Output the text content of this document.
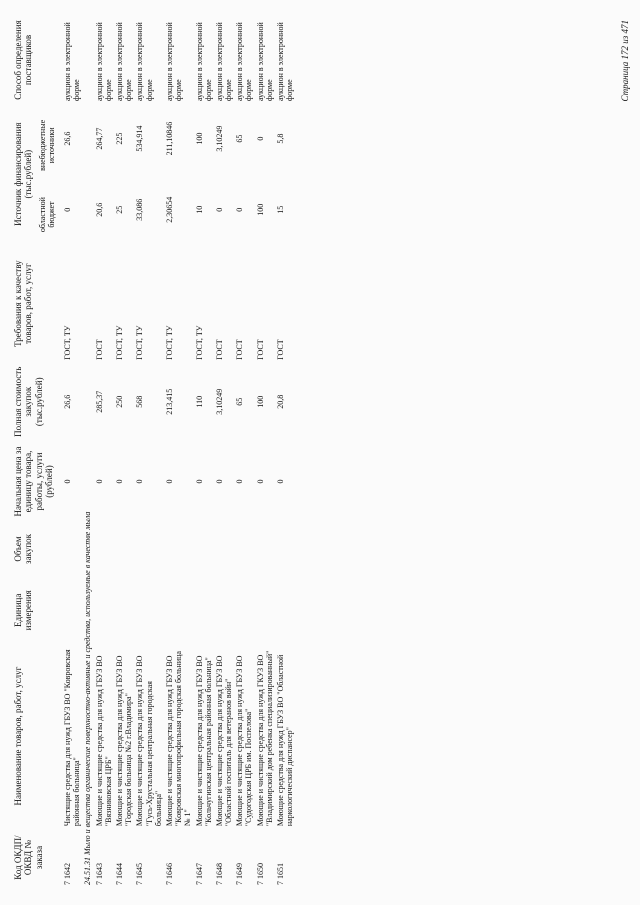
Код ОКДП/ ОКВД № заказа	Наименование товаров, работ, услуг	Единица измерения	Объем закупок	Начальная цена за единицу товара, работы, услуги (рублей)	Полная стоимость закупок (тыс.рублей)	Требования к качеству товаров, работ, услуг	Источник финансирования (тыс.рублей)
областной бюджет
внебюджетные источники		Способ определения поставщиков
7 1642	Чистящие средства для нужд ГБУЗ ВО "Ковровская районная больница"			0	26,6	ГОСТ, ТУ	0	26,6	аукцион в электронной форме
24.51.31 Мыло и вещества органические поверхностно-активные и средства, используемые в качестве мыла									
7 1643	Моющие и чистящие средства для нужд ГБУЗ ВО "Вязниковская ЦРБ"			0	285,37	ГОСТ	20,6	264,77	аукцион в электронной форме
7 1644	Моющие и чистящие средства для нужд ГБУЗ ВО "Городская больница №2 г.Владимира"			0	250	ГОСТ, ТУ	25	225	аукцион в электронной форме
7 1645	Моющие и чистящие средства для нужд ГБУЗ ВО "Гусь-Хрустальная центральная городская больница"			0	568	ГОСТ, ТУ	33,086	534,914	аукцион в электронной форме
7 1646	Моющие и чистящие средства для нужд ГБУЗ ВО "Ковровская многопрофильная городская больница № 1"			0	213,415	ГОСТ, ТУ	2,30654	211,10846	аукцион в электронной форме
7 1647	Моющие и чистящие средства для нужд ГБУЗ ВО "Кольчугинская центральная районная больница"			0	110	ГОСТ, ТУ	10	100	аукцион в электронной форме
7 1648	Моющие и чистящие средства для нужд ГБУЗ ВО "Областной госпиталь для ветеранов войн"			0	3,10249	ГОСТ	0	3,10249	аукцион в электронной форме
7 1649	Моющие и чистящие средства для нужд ГБУЗ ВО "Судогодская ЦРБ им. Поспелова"			0	65	ГОСТ	0	65	аукцион в электронной форме
7 1650	Моющие и чистящие средства для нужд ГКУЗ ВО "Владимирский дом ребенка специализированный"			0	100	ГОСТ	100	0	аукцион в электронной форме
7 1651	Моющие средства для нужд ГБУЗ ВО "Областной наркологический диспансер"			0	20,8	ГОСТ	15	5,8	аукцион в электронной форме	Страница 172 из 471
